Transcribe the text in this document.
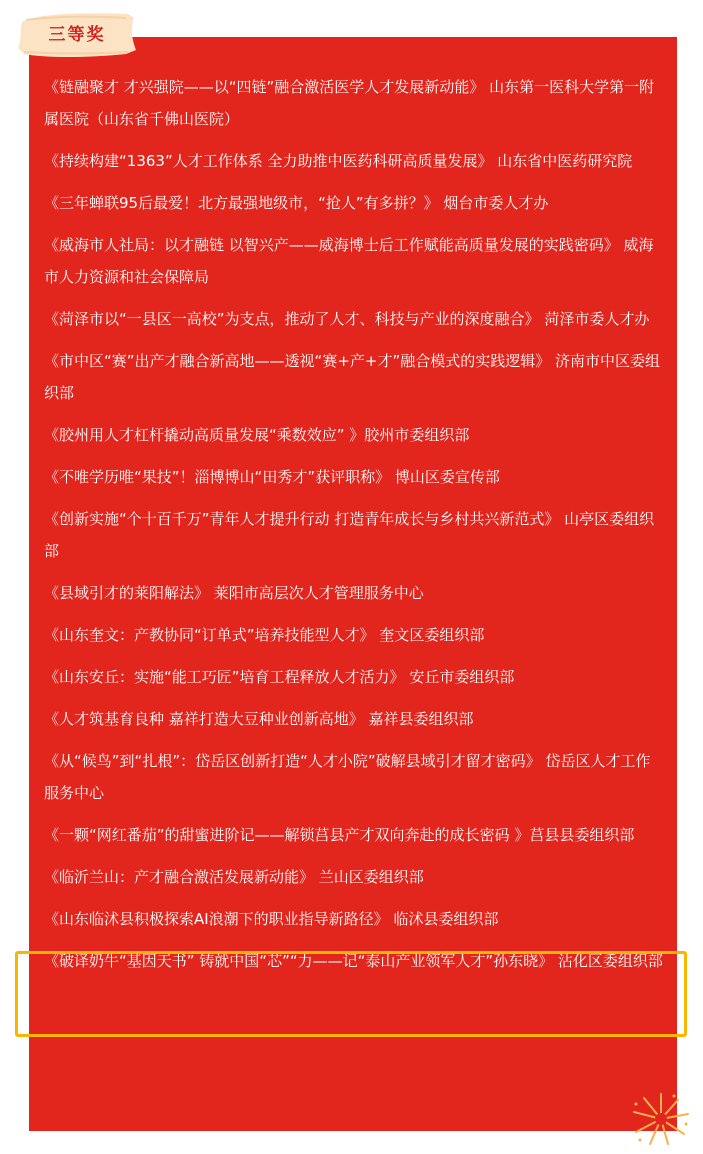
三等奖
《链融聚才 才兴强院——以“四链”融合激活医学人才发展新动能》 山东第一医科大学第一附属医院（山东省千佛山医院）
《持续构建“1363”人才工作体系 全力助推中医药科研高质量发展》 山东省中医药研究院
《三年蝉联95后最爱！北方最强地级市，“抢人”有多拼？》 烟台市委人才办
《威海市人社局：以才融链 以智兴产——威海博士后工作赋能高质量发展的实践密码》 威海市人力资源和社会保障局
《菏泽市以“一县区一高校”为支点，推动了人才、科技与产业的深度融合》 菏泽市委人才办
《市中区“赛”出产才融合新高地——透视“赛+产+才”融合模式的实践逻辑》 济南市中区委组织部
《胶州用人才杠杆撬动高质量发展“乘数效应” 》胶州市委组织部
《不唯学历唯“果技”！淄博博山“田秀才”获评职称》 博山区委宣传部
《创新实施“个十百千万”青年人才提升行动 打造青年成长与乡村共兴新范式》 山亭区委组织部
《县域引才的莱阳解法》 莱阳市高层次人才管理服务中心
《山东奎文：产教协同“订单式”培养技能型人才》 奎文区委组织部
《山东安丘：实施“能工巧匠”培育工程释放人才活力》 安丘市委组织部
《人才筑基育良种 嘉祥打造大豆种业创新高地》 嘉祥县委组织部
《从“候鸟”到“扎根”：岱岳区创新打造“人才小院”破解县域引才留才密码》 岱岳区人才工作服务中心
《一颗“网红番茄”的甜蜜进阶记——解锁莒县产才双向奔赴的成长密码 》莒县县委组织部
《临沂兰山：产才融合激活发展新动能》 兰山区委组织部
《山东临沭县积极探索AI浪潮下的职业指导新路径》 临沭县委组织部
《破译奶牛“基因天书” 铸就中国“芯”“力——记“泰山产业领军人才”孙东晓》 沾化区委组织部
